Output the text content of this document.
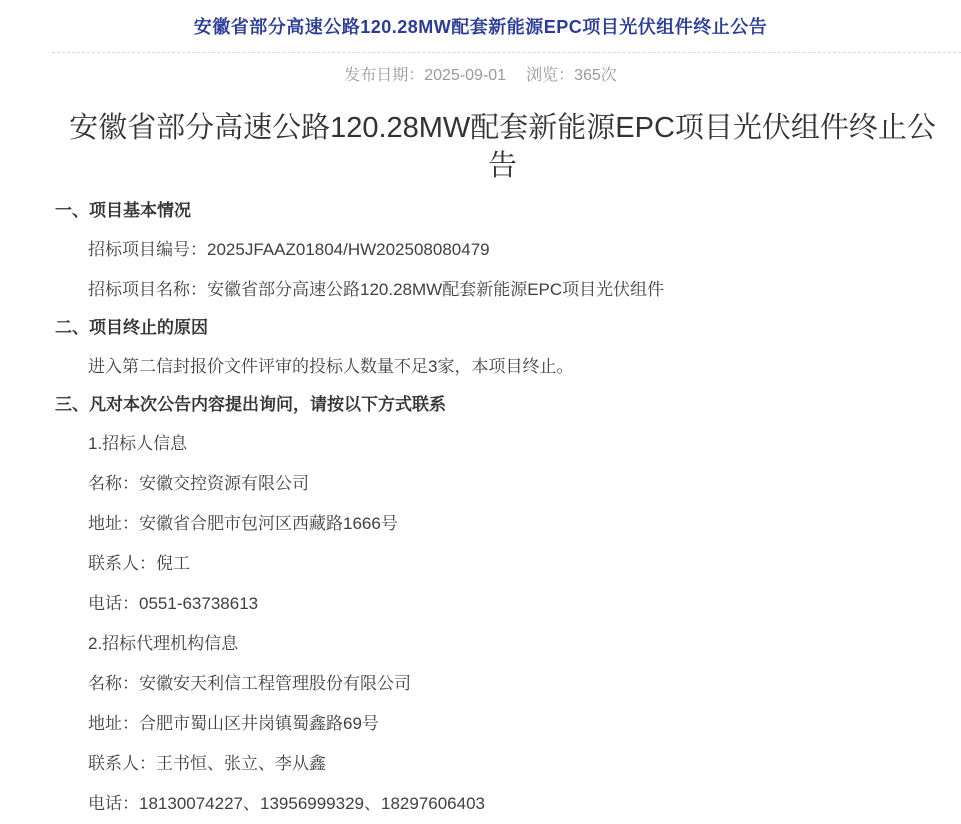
安徽省部分高速公路120.28MW配套新能源EPC项目光伏组件终止公告
发布日期：2025-09-01 浏览：365次
安徽省部分高速公路120.28MW配套新能源EPC项目光伏组件终止公
告
一、项目基本情况
招标项目编号：2025JFAAZ01804/HW202508080479
招标项目名称：安徽省部分高速公路120.28MW配套新能源EPC项目光伏组件
二、项目终止的原因
进入第二信封报价文件评审的投标人数量不足3家，本项目终止。
三、凡对本次公告内容提出询问，请按以下方式联系
1.招标人信息
名称：安徽交控资源有限公司
地址：安徽省合肥市包河区西藏路1666号
联系人：倪工
电话：0551-63738613
2.招标代理机构信息
名称：安徽安天利信工程管理股份有限公司
地址：合肥市蜀山区井岗镇蜀鑫路69号
联系人：王书恒、张立、李从鑫
电话：18130074227、13956999329、18297606403
